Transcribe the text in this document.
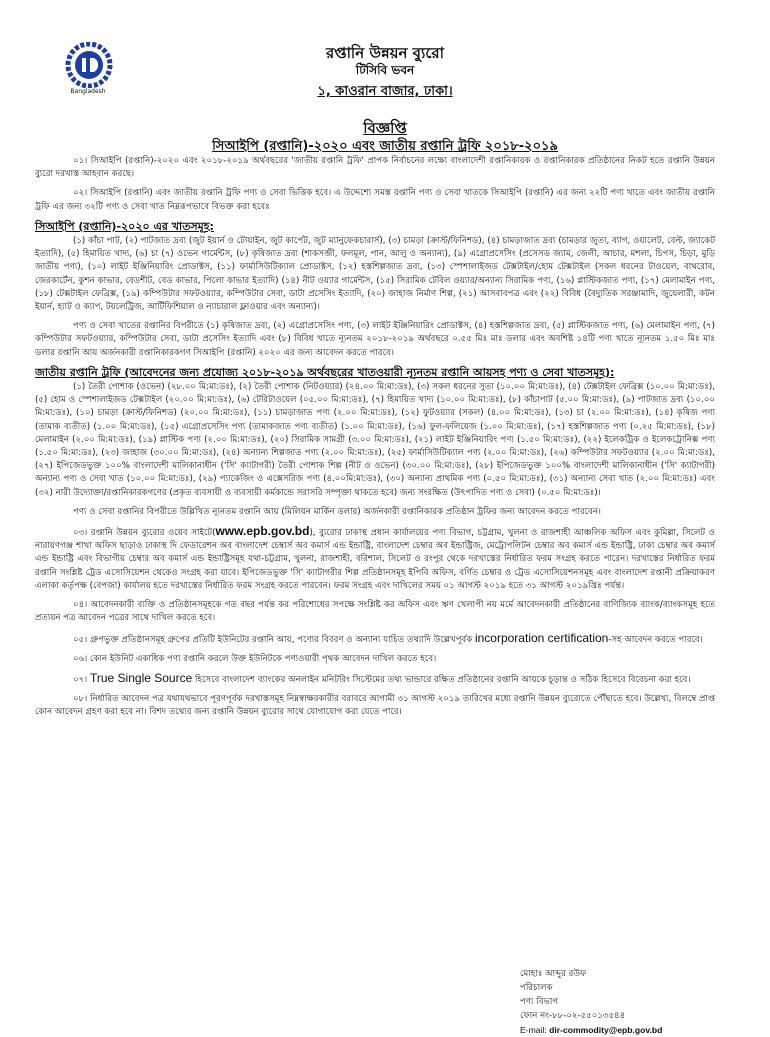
Bangladesh
রপ্তানি উন্নয়ন ব্যুরো
টিসিবি ভবন
১, কাওরান বাজার, ঢাকা।
বিজ্ঞপ্তি
সিআইপি (রপ্তানি)-২০২০ এবং জাতীয় রপ্তানি ট্রফি ২০১৮-২০১৯

০১। সিআইপি (রপ্তানি)-২০২০ এবং ২০১৮-২০১৯ অর্থবছরের 'জাতীয় রপ্তানি ট্রফি' প্রাপক নির্বাচনের লক্ষ্যে বাংলাদেশী রপ্তানিকারক ও রপ্তানিকারক প্রতিষ্ঠানের নিকট হতে রপ্তানি উন্নয়ন ব্যুরো দরখাস্ত আহবান করছে।

০২। সিআইপি (রপ্তানি) এবং জাতীয় রপ্তানি ট্রফি পণ্য ও সেবা ভিত্তিক হবে। এ উদ্দেশ্যে সমস্ত রপ্তানি পণ্য ও সেবা খাতকে সিআইপি (রপ্তানি) এর জন্য ২২টি পণ্য খাতে এবং জাতীয় রপ্তানি ট্রফি এর জন্য ৩২টি পণ্য ও সেবা খাত নিম্নরূপভাবে বিভক্ত করা হবেঃ

সিআইপি (রপ্তানি)-২০২০ এর খাতসমূহ:

(১) কাঁচা পাট, (২) পাটজাত দ্রব্য (জুট ইয়ার্ন ও টোয়াইন, জুট কার্পেট, জুট ম্যানুফেকচারার্স), (৩) চামড়া (ক্রাস্ট/ফিনিশড), (৪) চামড়াজাত দ্রব্য (চামড়ার জুতা, ব্যাগ, ওয়ালেট, বেল্ট, জ্যাকেট ইত্যাদি), (৫) হিমায়িত খাদ্য, (৬) চা (৭) ওভেন গার্মেন্টস, (৮) কৃষিজাত দ্রব্য (শাকসব্জী, ফলমূল, পান, আলু ও অন্যান্য), (৯) এগ্রোপ্রসেসিং (প্রসেসড জ্যাম, জেলী, আচার, মশলা, চিপস, চিড়া, মুড়ি জাতীয় পণ্য), (১০) লাইট ইঞ্জিনিয়ারিং প্রোডাক্টস, (১১) ফার্মাসিউটিক্যাল প্রোডাক্টস, (১২) হস্তশিল্পজাত দ্রব্য, (১৩) স্পেশালাইজড টেক্সটাইল/হোম টেক্সটাইল (সকল ধরনের টাওয়েল, বাথরোব, জেরকার্টেন, কুশন কাভার, বেডশীট, বেড কাভার, পিলো কাভার ইত্যাদি) (১৪) নীট ওয়্যার গার্মেন্টস, (১৫) সিরামিক টেবিল ওয়্যার/অন্যান্য সিরামিক পণ্য, (১৬) প্লাস্টিকজাত পণ্য, (১৭) মেলামাইন পণ্য, (১৮) টেক্সটাইল ফেব্রিক্স, (১৯) কম্পিউটার সফটওয়্যার, কম্পিউটার সেবা, ডাটা প্রসেসিং ইত্যাদি, (২০) জাহাজ নির্মাণ শিল্প, (২১) আসবাবপত্র এবং (২২) বিবিধ (বৈদ্যুতিক সরঞ্জামাদি, জুয়েলারী, কটন ইয়ার্ন, হ্যাট ও ক্যাপ, টয়লেট্রিজ, আর্টিফিশিয়াল ও ন্যাচারাল ফ্লাওয়ার এবং অন্যান্য)।

পণ্য ও সেবা খাতের রপ্তানির বিপরীতে (১) কৃষিজাত দ্রব্য, (২) এগ্রোপ্রসেসিং পণ্য, (৩) লাইট ইঞ্জিনিয়ারিং প্রোডাক্টস, (৪) হস্তশিল্পজাত দ্রব্য, (৫) প্লাস্টিকজাত পণ্য, (৬) মেলামাইন পণ্য, (৭) কম্পিউটার সফটওয়্যার, কম্পিউটার সেবা, ডাটা প্রসেসিং ইত্যাদি এবং (৮) বিবিধ খাতে ন্যূনতম ২০১৮-২০১৯ অর্থবছরে ০.৫৫ মিঃ মাঃ ডলার এবং অবশিষ্ট ১৪টি পণ্য খাতে ন্যূনতম ১.৫০ মিঃ মাঃ ডলার রপ্তানি আয় অর্জনকারী রপ্তানিকারকগণ সিআইপি (রপ্তানি) ২০২০ এর জন্য আবেদন করতে পারবে।

জাতীয় রপ্তানি ট্রফি (আবেদনের জন্য প্রযোজ্য ২০১৮-২০১৯ অর্থবছরের খাতওয়ারী ন্যূনতম রপ্তানি আয়সহ পণ্য ও সেবা খাতসমূহ):

(১) তৈরী পোশাক (ওভেন) (২৮.০০ মি:মা:ডঃ), (২) তৈরী পোশাক (নিটওয়্যার) (২৪.০০ মি:মা:ডঃ), (৩) সকল ধরনের সুতা (১০.০০ মি:মা:ডঃ), (৪) টেক্সটাইল ফেব্রিক্স (১০.০০ মি:মা:ডঃ), (৫) হোম ও স্পেশালাইজড টেক্সটাইল (২০.০০ মি:মা:ডঃ), (৬) টেরিটাওয়েল (০৫.০০ মি:মা:ডঃ), (৭) হিমায়িত খাদ্য (১০.০০ মি:মা:ডঃ), (৮) কাঁচাপাট (৫.০০ মি:মা:ডঃ), (৯) পাটজাত দ্রব্য (১০.০০ মি:মা:ডঃ), (১০) চামড়া (ক্রাস্ট/ফিনিশড) (২০.০০ মি:মা:ডঃ), (১১) চামড়াজাত পণ্য (২.০০ মি:মা:ডঃ), (১২) ফুটওয়্যার (সকল) (৪.০০ মি:মা:ডঃ), (১৩) চা (২.০০ মি:মা:ডঃ), (১৪) কৃষিজ পণ্য (তামাক ব্যতীত) (১.০০ মি:মা:ডঃ), (১৫) এগ্রোপ্রসেসিং পণ্য (তামাকজাত পণ্য ব্যতীত) (১.০০ মি:মা:ডঃ), (১৬) ফুল-ফলিয়েজ (১.০০ মি:মা:ডঃ), (১৭) হস্তশিল্পজাত পণ্য (০.২৫ মি:মা:ডঃ), (১৮) মেলামাইন (২.০০ মি:মা:ডঃ), (১৯) প্লাস্টিক পণ্য (২.০০ মি:মা:ডঃ), (২০) সিরামিক সামগ্রী (৩.০০ মি:মা:ডঃ), (২১) লাইট ইঞ্জিনিয়ারিং পণ্য (১.৫০ মি:মা:ডঃ), (২২) ইলেকট্রিক ও ইলেকট্রোনিক্স পণ্য (১.৫০ মি:মা:ডঃ), (২৩) জাহাজ (৩০.০০ মি:মা:ডঃ), (২৪) অন্যান্য শিল্পজাত পণ্য (২.০০ মি:মা:ডঃ), (২৫) ফার্মাসিউটিক্যাল পণ্য (২.০০ মি:মা:ডঃ), (২৬) কম্পিউটার সফটওয়্যার (২.০০ মি:মা:ডঃ), (২৭) ইপিজেডভুক্ত ১০০% বাংলাদেশী মালিকানাধীন ('সি' ক্যাটাগরী) তৈরী পোশাক শিল্প (নীট ও ওভেন) (৩০.০০ মি:মা:ডঃ), (২৮) ইপিজেডভুক্ত ১০০% বাংলাদেশী মালিকানাধীন ('সি' ক্যাটাগরী) অন্যান্য পণ্য ও সেবা খাত (১০.০০ মি:মা:ডঃ), (২৯) প্যাকেজিং ও এক্সেসরিজ পণ্য (৪.০০মি:মা:ডঃ), (৩০) অন্যান্য প্রাথমিক পণ্য (০.৫০ মি:মা:ডঃ), (৩১) অন্যান্য সেবা খাত (২.০০ মি:মা:ডঃ) এবং (৩২) নারী উদ্যোক্তা/রপ্তানিকারকগণের (প্রকৃত ব্যবসায়ী ও ব্যবসায়ী কর্মকান্ডে সরাসরি সম্পৃক্তা থাকতে হবে) জন্য সংরক্ষিত (উৎপাদিত পণ্য ও সেবা) (০.৫০ মি:মা:ডঃ)।

পণ্য ও সেবা রপ্তানির বিপরীতে উল্লিখিত ন্যূনতম রপ্তানি আয় (মিলিয়ন মার্কিন ডলার) অর্জনকারী রপ্তানিকারক প্রতিষ্ঠান ট্রফির জন্য আবেদন করতে পারবেন।

০৩। রপ্তানি উন্নয়ন ব্যুরোর ওয়েব সাইটে(www.epb.gov.bd), ব্যুরোর ঢাকাস্থ প্রধান কার্যালয়ের পণ্য বিভাগ, চট্টগ্রাম, খুলনা ও রাজশাহী আঞ্চলিক অফিস এবং কুমিল্লা, সিলেট ও নারায়ণগঞ্জ শাখা অফিস ছাড়াও ঢাকাস্থ দি ফেডারেশন অব বাংলাদেশ চেম্বার্স অব কমার্স এন্ড ইন্ডাষ্ট্রি, বাংলাদেশ চেম্বার অব ইন্ডাষ্ট্রিজ, মেট্রোপলিটন চেম্বার অব কমার্স এন্ড ইন্ডাষ্ট্রি, ঢাকা চেম্বার অব কমার্স এন্ড ইন্ডাষ্ট্রি এবং বিভাগীয় চেম্বার অব কমার্স এন্ড ইন্ডাষ্ট্রিসমূহ যথা-চট্টগ্রাম, খুলনা, রাজশাহী, বরিশাল, সিলেট ও রংপুর থেকে দরখাস্তের নির্ধারিত ফরম সংগ্রহ করতে পারেন। দরখাস্তের নির্ধারিত ফরম রপ্তানি সংশ্লিষ্ট ট্রেড এসোসিয়েশন থেকেও সংগ্রহ করা যাবে। ইপিজেডভুক্ত 'সি' ক্যাটাগরীর শিল্প প্রতিষ্ঠানসমূহ ইপিবি অফিস, বর্ণিত চেম্বার ও ট্রেড এসোসিয়েশনসমূহ এবং বাংলাদেশ রপ্তানী প্রক্রিয়াকরণ এলাকা কর্তৃপক্ষ (বেপজা) কার্যালয় হতে দরখাস্তের নির্ধারিত ফরম সংগ্রহ করতে পারবেন। ফরম সংগ্রহ এবং দাখিলের সময় ০১ আগস্ট ২০১৯ হতে ৩১ আগস্ট ২০১৯খ্রিঃ পর্যন্ত।

০৪। আবেদনকারী ব্যক্তি ও প্রতিষ্ঠানসমূহকে গত বছর পর্যন্ত কর পরিশোধের সপক্ষে সংশ্লিষ্ট কর অফিস এবং ঋণ খেলাপী নয় মর্মে আবেদনকারী প্রতিষ্ঠানের বাণিজ্যিক ব্যাংক/ব্যাংকসমূহ হতে প্রত্যয়ন পত্র আবেদন পত্রের সাথে দাখিল করতে হবে।

০৫। গ্রুপভুক্ত প্রতিষ্ঠানসমূহ গ্রুপের প্রতিটি ইউনিটের রপ্তানি আয়, পণ্যের বিবরণ ও অন্যান্য যাচিত তথ্যাদি উল্লেখপূর্বক incorporation certification-সহ আবেদন করতে পারবে।

০৬। কোন ইউনিট একাধিক পণ্য রপ্তানি করলে উক্ত ইউনিটকে পণ্যওয়ারী পৃথক আবেদন দাখিল করতে হবে।

০৭। True Single Source হিসেবে বাংলাদেশ ব্যাংকের অনলাইন মনিটরিং সিস্টেমের তথ্য ভান্ডারে রক্ষিত প্রতিষ্ঠানের রপ্তানি আয়কে চূড়ান্ত ও সঠিক হিসেবে বিবেচনা করা হবে।

০৮। নির্ধারিত আবেদন পত্র যথাযথভাবে পূরণপূর্বক দরখাস্তসমূহ নিম্নস্বাক্ষরকারীর বরাবরে আগামী ৩১ আগস্ট ২০১৯ তারিখের মধ্যে রপ্তানি উন্নয়ন ব্যুরোতে পৌঁছাতে হবে। উল্লেখ্য, বিলম্বে প্রাপ্ত কোন আবেদন গ্রহণ করা হবে না। বিশদ তথ্যের জন্য রপ্তানি উন্নয়ন ব্যুরোর সাথে যোগাযোগ করা যেতে পারে।

মোহাঃ আব্দুর রউফ
পরিচালক
পণ্য বিভাগ
ফোন নং-৮৮-০২-৫৫০১৩৫৪৪
E-mail: dir-commodity@epb.gov.bd
